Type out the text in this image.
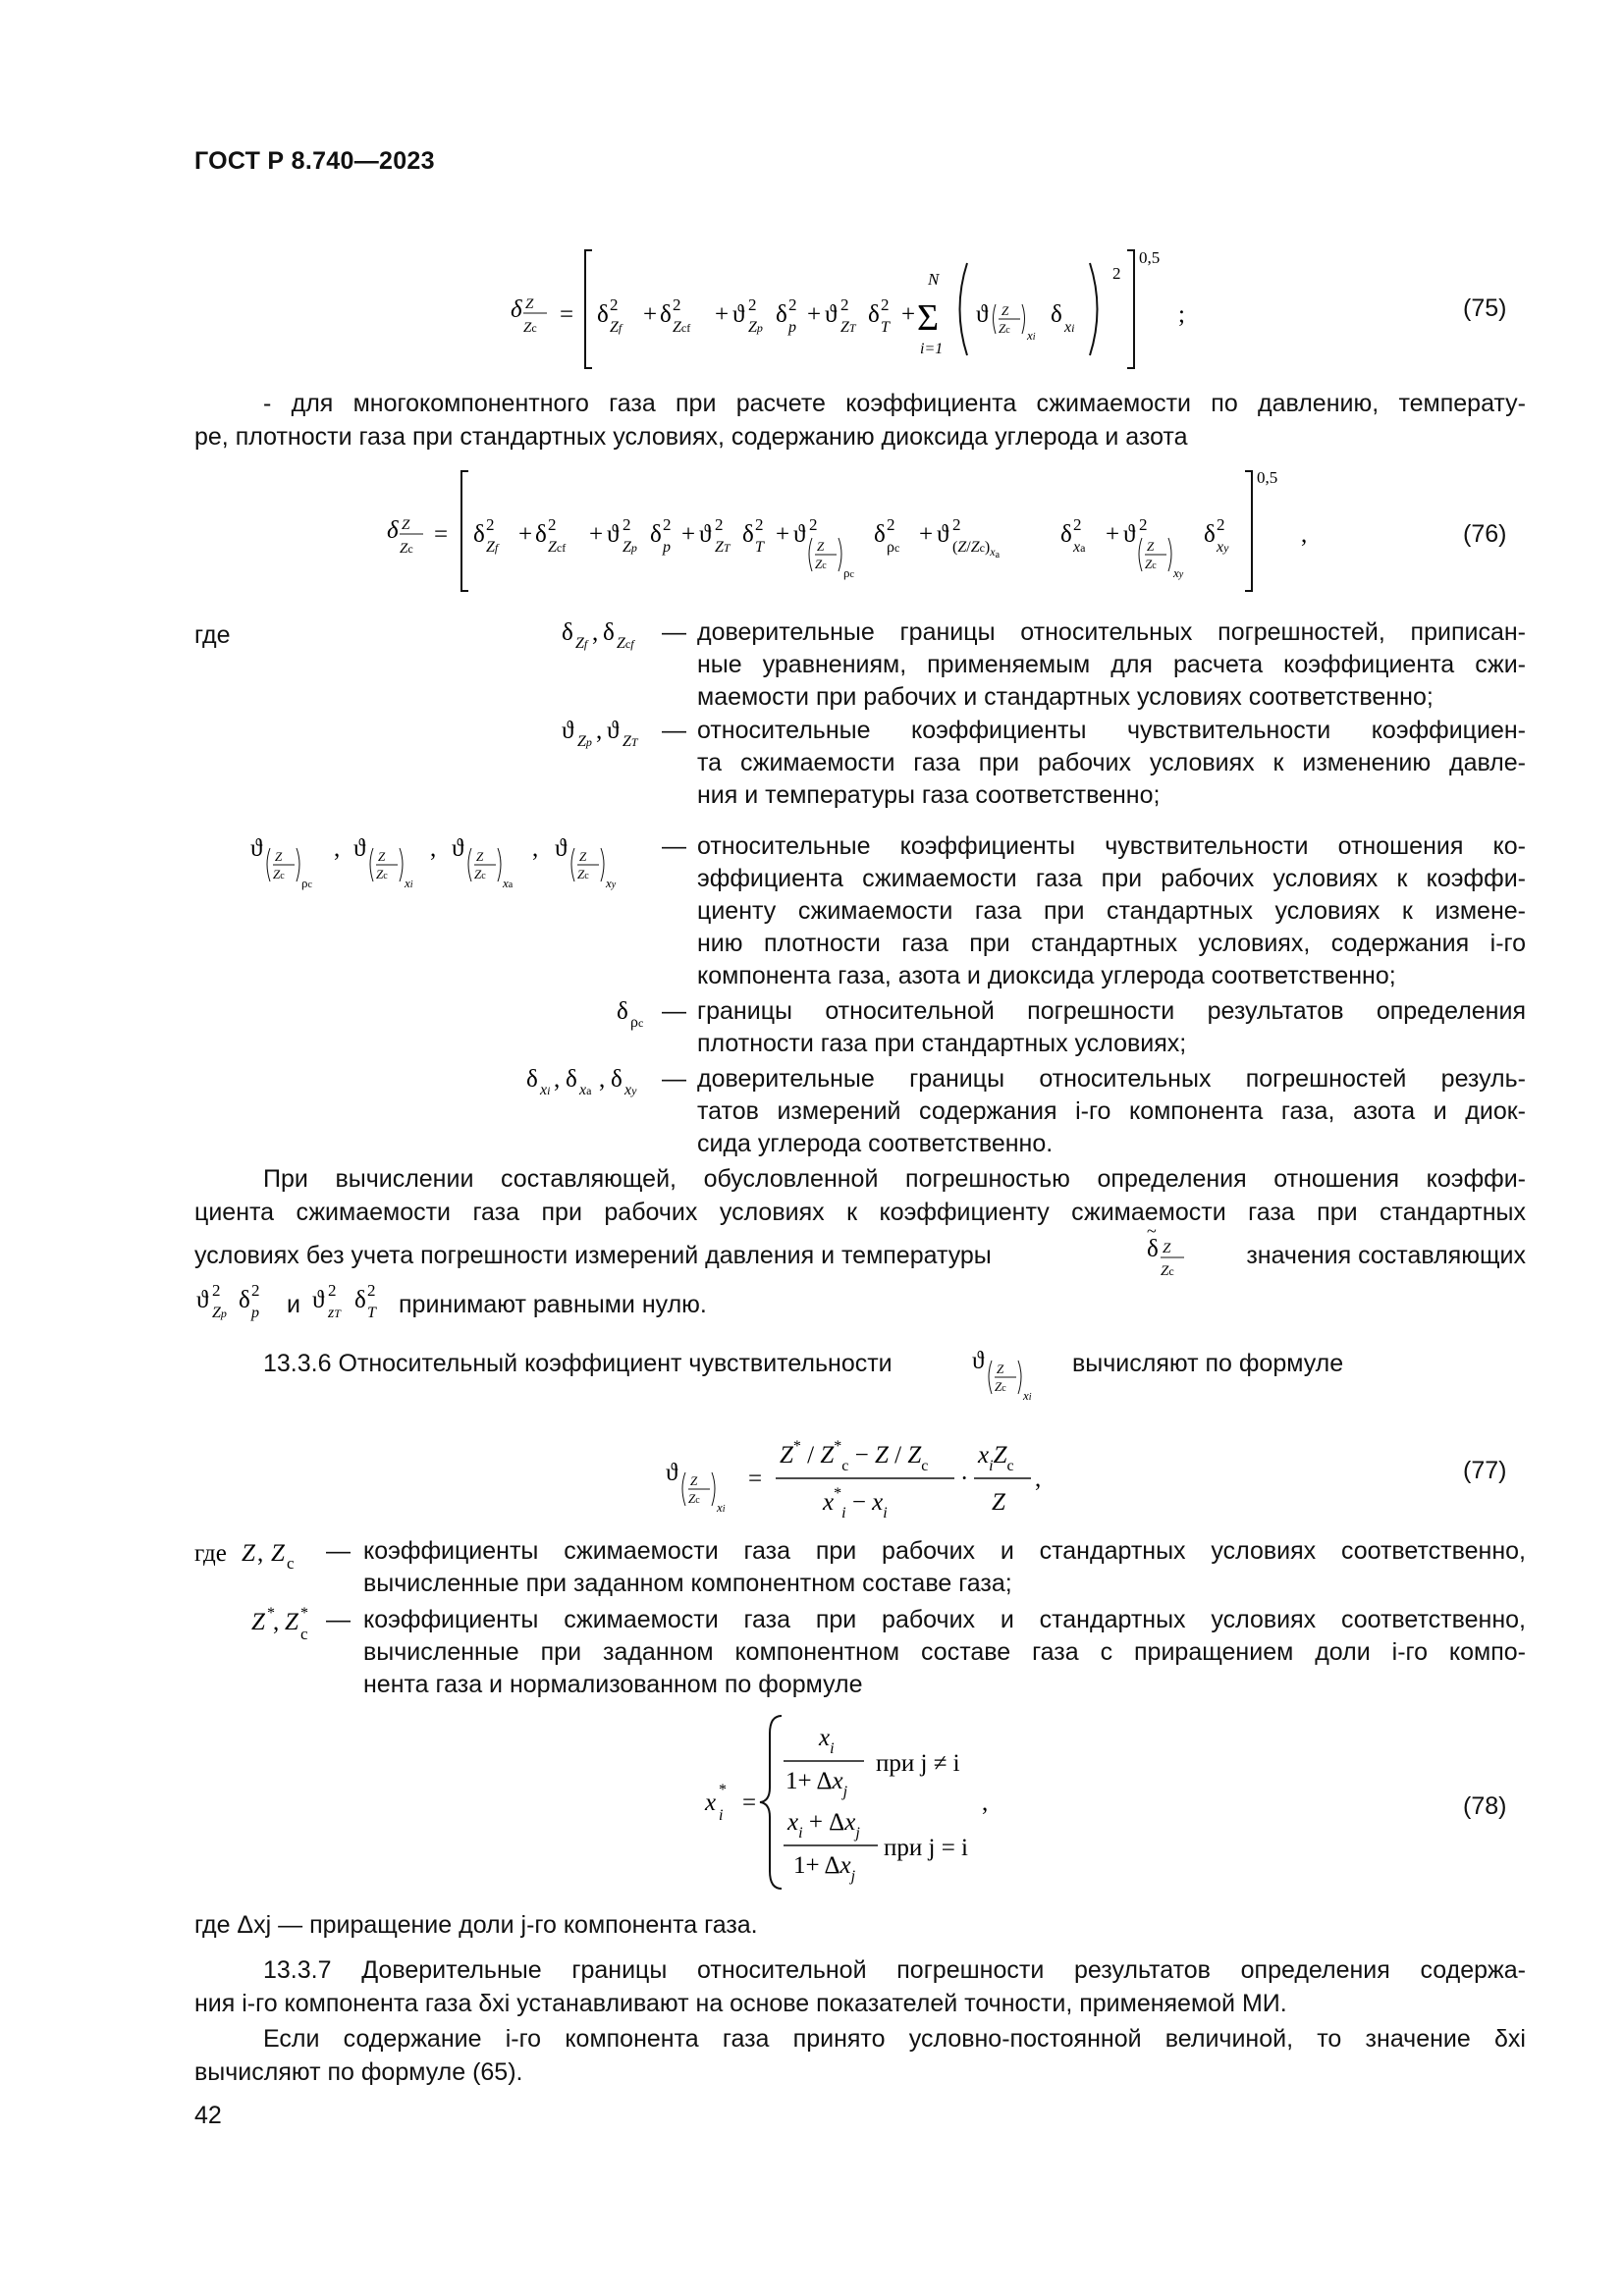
ГОСТ Р 8.740—2023
δ Z
Zc = δ 2
Zf + δ 2
Zcf + ϑ 2
Zp δ 2
p + ϑ 2
ZT δ 2
T +
N
Σ
i=1
ϑ Z
Zc xi
δ xi
2
0,5
;	(75)
- для многокомпонентного газа при расчете коэффициента сжимаемости по давлению, температу-
ре, плотности газа при стандартных условиях, содержанию диоксида углерода и азота
δ Z
Zc
= δ 2
Zf + δ 2
Zcf + ϑ 2
Zp δ 2
p + ϑ 2
ZT δ 2
T + ϑ 2
Z
Zc ρc
δ 2
ρc + ϑ 2
$(Z/Zc)_xa$
δ 2
xa + ϑ 2
Z
Zc xy
δ 2
xy
0,5
,	(76)
где	δ Zf , δ Zcf — доверительные границы относительных погрешностей, приписан-
ные уравнениям, применяемым для расчета коэффициента сжи-
маемости при рабочих и стандартных условиях соответственно;
ϑ Zp , ϑ ZT — относительные коэффициенты чувствительности коэффициен-
та сжимаемости газа при рабочих условиях к изменению давле-
ния и температуры газа соответственно;
ϑ Z
Zc ρc
, ϑ Z
Zc xi
, ϑ Z
Zc xa
, ϑ Z
Zc xy
— относительные коэффициенты чувствительности отношения ко-
эффициента сжимаемости газа при рабочих условиях к коэффи-
циенту сжимаемости газа при стандартных условиях к измене-
нию плотности газа при стандартных условиях, содержания i-го
компонента газа, азота и диоксида углерода соответственно;
δ ρc — границы относительной погрешности результатов определения
плотности газа при стандартных условиях;
δ xi , δ xa , δ xy — доверительные границы относительных погрешностей резуль-
татов измерений содержания i-го компонента газа, азота и диок-
сида углерода соответственно.
При вычислении составляющей, обусловленной погрешностью определения отношения коэффи-
циента сжимаемости газа при рабочих условиях к коэффициенту сжимаемости газа при стандартных
условиях без учета погрешности измерений давления и температуры
~
δ Z
Zc
значения составляющих
ϑ 2
Zp δ 2
p и ϑ 2
zT δ 2
T принимают равными нулю.
13.3.6 Относительный коэффициент чувствительности	ϑ Z
Zc xi
вычисляют по формуле
ϑ Z
Zc xi
=
$Z^* / Z^*_c - Z / Z_c$
$x^*_i - x_i$
·
$x_iZ_c$
Z
,	(77)
где Z , Z с — коэффициенты сжимаемости газа при рабочих и стандартных условиях соответственно,
вычисленные при заданном компонентном составе газа;
Z *
, Z *
с
— коэффициенты сжимаемости газа при рабочих и стандартных условиях соответственно,
вычисленные при заданном компонентном составе газа с приращением доли i-го компо-
нента газа и нормализованном по формуле
x *
i =
$x_i$
$1+ \Delta x_j$
при j ≠ i
$x_i + \Delta x_j$
$1+ \Delta x_j$
при j = i
,	(78)
где Δxj — приращение доли j-го компонента газа.
13.3.7 Доверительные границы относительной погрешности результатов определения содержа-
ния i-го компонента газа δxi устанавливают на основе показателей точности, применяемой МИ.
Если содержание i-го компонента газа принято условно-постоянной величиной, то значение δxi
вычисляют по формуле (65).
42
